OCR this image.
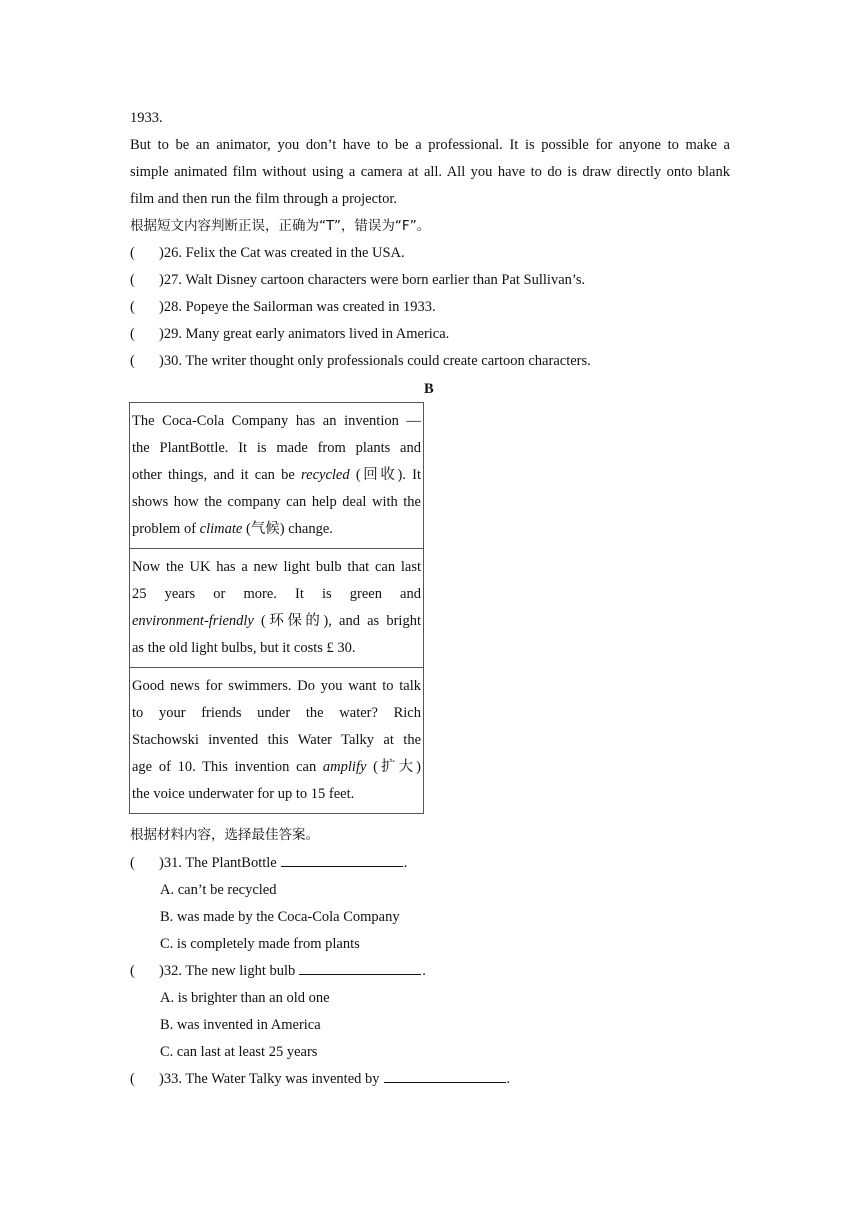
1933.
But to be an animator, you don’t have to be a professional. It is possible for anyone to make a
simple animated film without using a camera at all. All you have to do is draw directly onto blank
film and then run the film through a projector.
根据短文内容判断正误，正确为“T”，错误为“F”。
( )26. Felix the Cat was created in the USA.
( )27. Walt Disney cartoon characters were born earlier than Pat Sullivan’s.
( )28. Popeye the Sailorman was created in 1933.
( )29. Many great early animators lived in America.
( )30. The writer thought only professionals could create cartoon characters.
B
The Coca-Cola Company has an invention —
the PlantBottle. It is made from plants and
other things, and it can be recycled (回收). It
shows how the company can help deal with the
problem of climate (气候) change.
Now the UK has a new light bulb that can last
25 years or more. It is green and
environment-friendly (环保的), and as bright
as the old light bulbs, but it costs £ 30.
Good news for swimmers. Do you want to talk
to your friends under the water? Rich
Stachowski invented this Water Talky at the
age of 10. This invention can amplify (扩大)
the voice underwater for up to 15 feet.
根据材料内容，选择最佳答案。
( )31. The PlantBottle	.
A. can’t be recycled
B. was made by the Coca-Cola Company
C. is completely made from plants
( )32. The new light bulb	.
A. is brighter than an old one
B. was invented in America
C. can last at least 25 years
( )33. The Water Talky was invented by	.
